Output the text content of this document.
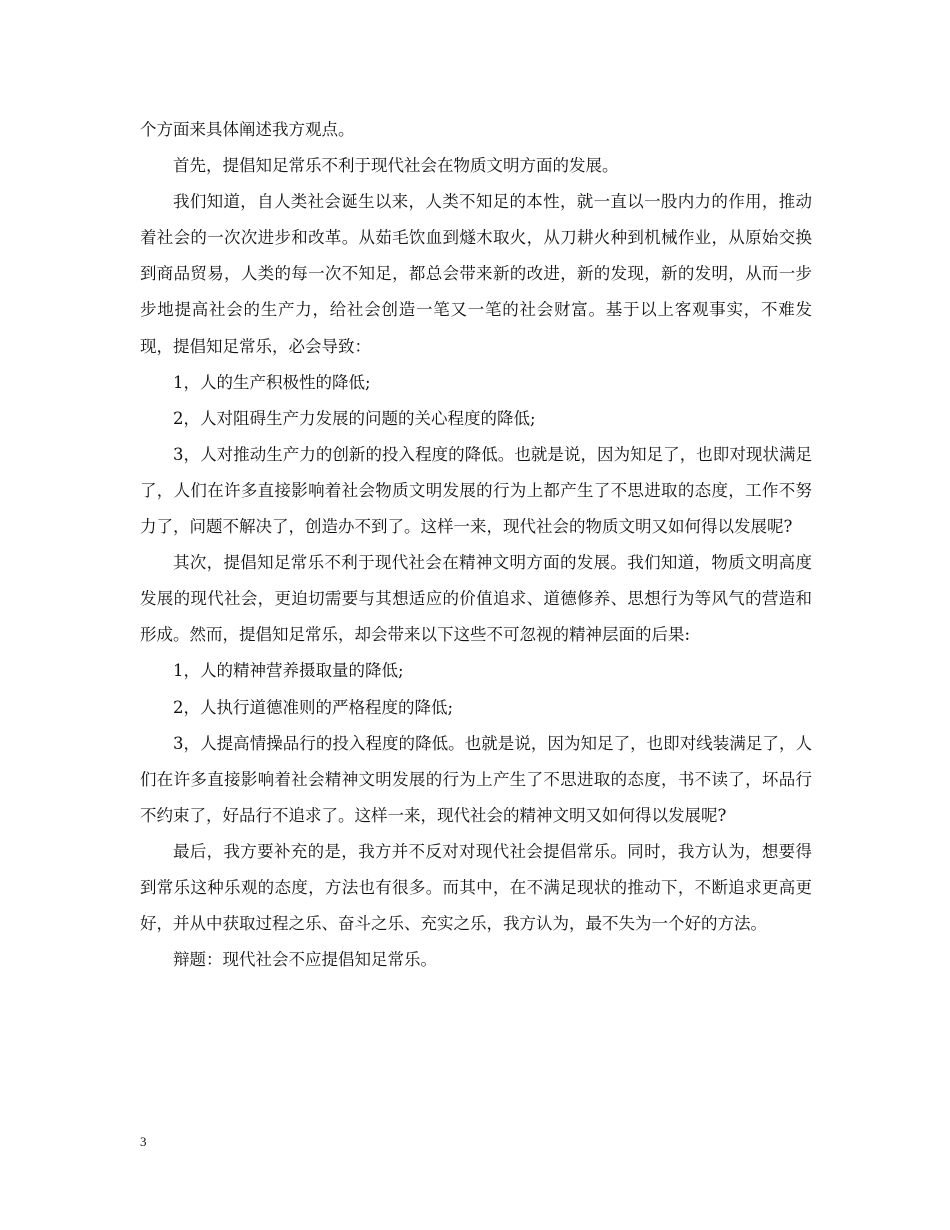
个方面来具体阐述我方观点。

首先，提倡知足常乐不利于现代社会在物质文明方面的发展。

我们知道，自人类社会诞生以来，人类不知足的本性，就一直以一股内力的作用，推动着社会的一次次进步和改革。从茹毛饮血到燧木取火，从刀耕火种到机械作业，从原始交换到商品贸易，人类的每一次不知足，都总会带来新的改进，新的发现，新的发明，从而一步步地提高社会的生产力，给社会创造一笔又一笔的社会财富。基于以上客观事实，不难发现，提倡知足常乐，必会导致：

1，人的生产积极性的降低;

2，人对阻碍生产力发展的问题的关心程度的降低;

3，人对推动生产力的创新的投入程度的降低。也就是说，因为知足了，也即对现状满足了，人们在许多直接影响着社会物质文明发展的行为上都产生了不思进取的态度，工作不努力了，问题不解决了，创造办不到了。这样一来，现代社会的物质文明又如何得以发展呢?

其次，提倡知足常乐不利于现代社会在精神文明方面的发展。我们知道，物质文明高度发展的现代社会，更迫切需要与其想适应的价值追求、道德修养、思想行为等风气的营造和形成。然而，提倡知足常乐，却会带来以下这些不可忽视的精神层面的后果:

1，人的精神营养摄取量的降低;

2，人执行道德准则的严格程度的降低;

3，人提高情操品行的投入程度的降低。也就是说，因为知足了，也即对线装满足了，人们在许多直接影响着社会精神文明发展的行为上产生了不思进取的态度，书不读了，坏品行不约束了，好品行不追求了。这样一来，现代社会的精神文明又如何得以发展呢?

最后，我方要补充的是，我方并不反对对现代社会提倡常乐。同时，我方认为，想要得到常乐这种乐观的态度，方法也有很多。而其中，在不满足现状的推动下，不断追求更高更好，并从中获取过程之乐、奋斗之乐、充实之乐，我方认为，最不失为一个好的方法。

辩题：现代社会不应提倡知足常乐。

3
